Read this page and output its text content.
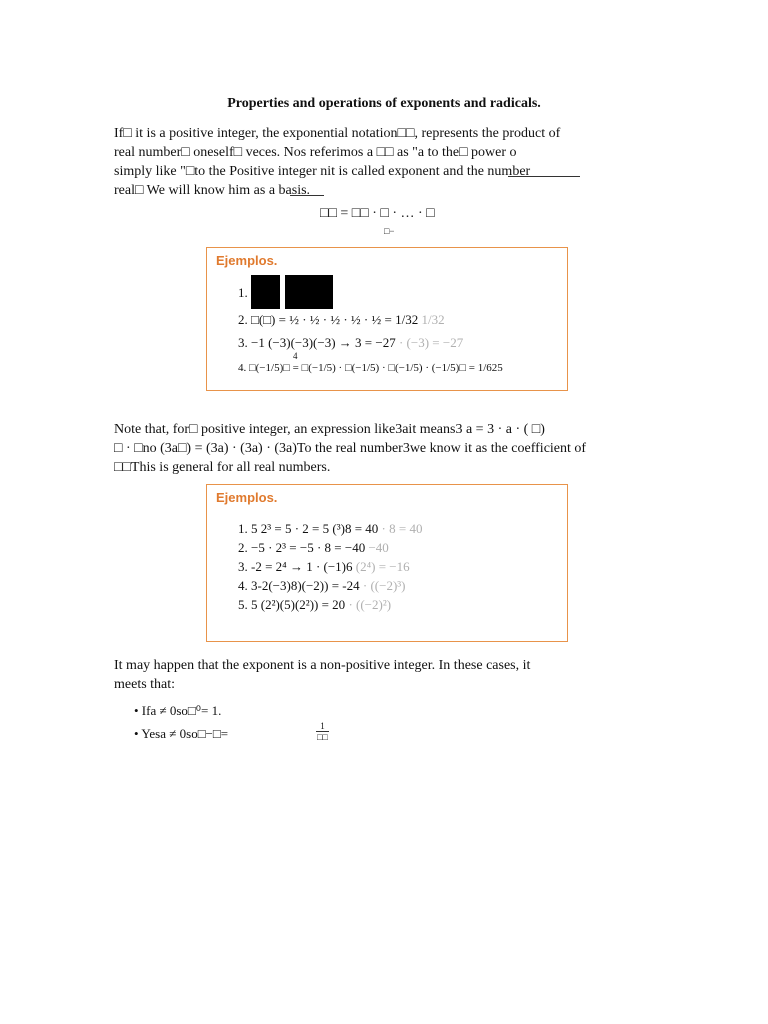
Properties and operations of exponents and radicals.
If□ it is a positive integer, the exponential notation□□, represents the product of
real number□ oneself□ veces. Nos referimos a □□ as "a to the□ power o
simply like "□to the Positive integer nit is called exponent and the number
real□ We will know him as a basis.
□□ = □□ · □ · … · □
□−
Ejemplos.
1.
2. □(□) = ½ · ½ · ½ · ½ · ½ = 1/32 1/32
3. −1 (−3)(−3)(−3) → 3 = −27 · (−3) = −27
4. □(−1/5)□ = □(−1/5) · □(−1/5) · □(−1/5) · (−1/5)□ = 1/625
4
Note that, for□ positive integer, an expression like3ait means3 a = 3 · a · ( □)
□ · □no (3a□) = (3a) · (3a) · (3a)To the real number3we know it as the coefficient of
□□This is general for all real numbers.
Ejemplos.
1. 5 2³ = 5 · 2 = 5 (³)8 = 40 · 8 = 40
2. −5 · 2³ = −5 · 8 = −40 −40
3. -2 = 2⁴ → 1 · (−1)6 (2⁴) = −16
4. 3-2(−3)8)(−2)) = -24 · ((−2)³)
5. 5 (2²)(5)(2²)) = 20 · ((−2)²)
It may happen that the exponent is a non-positive integer. In these cases, it
meets that:
• Ifa ≠ 0so□⁰= 1.
• Yesa ≠ 0so□−□=	1
□□
